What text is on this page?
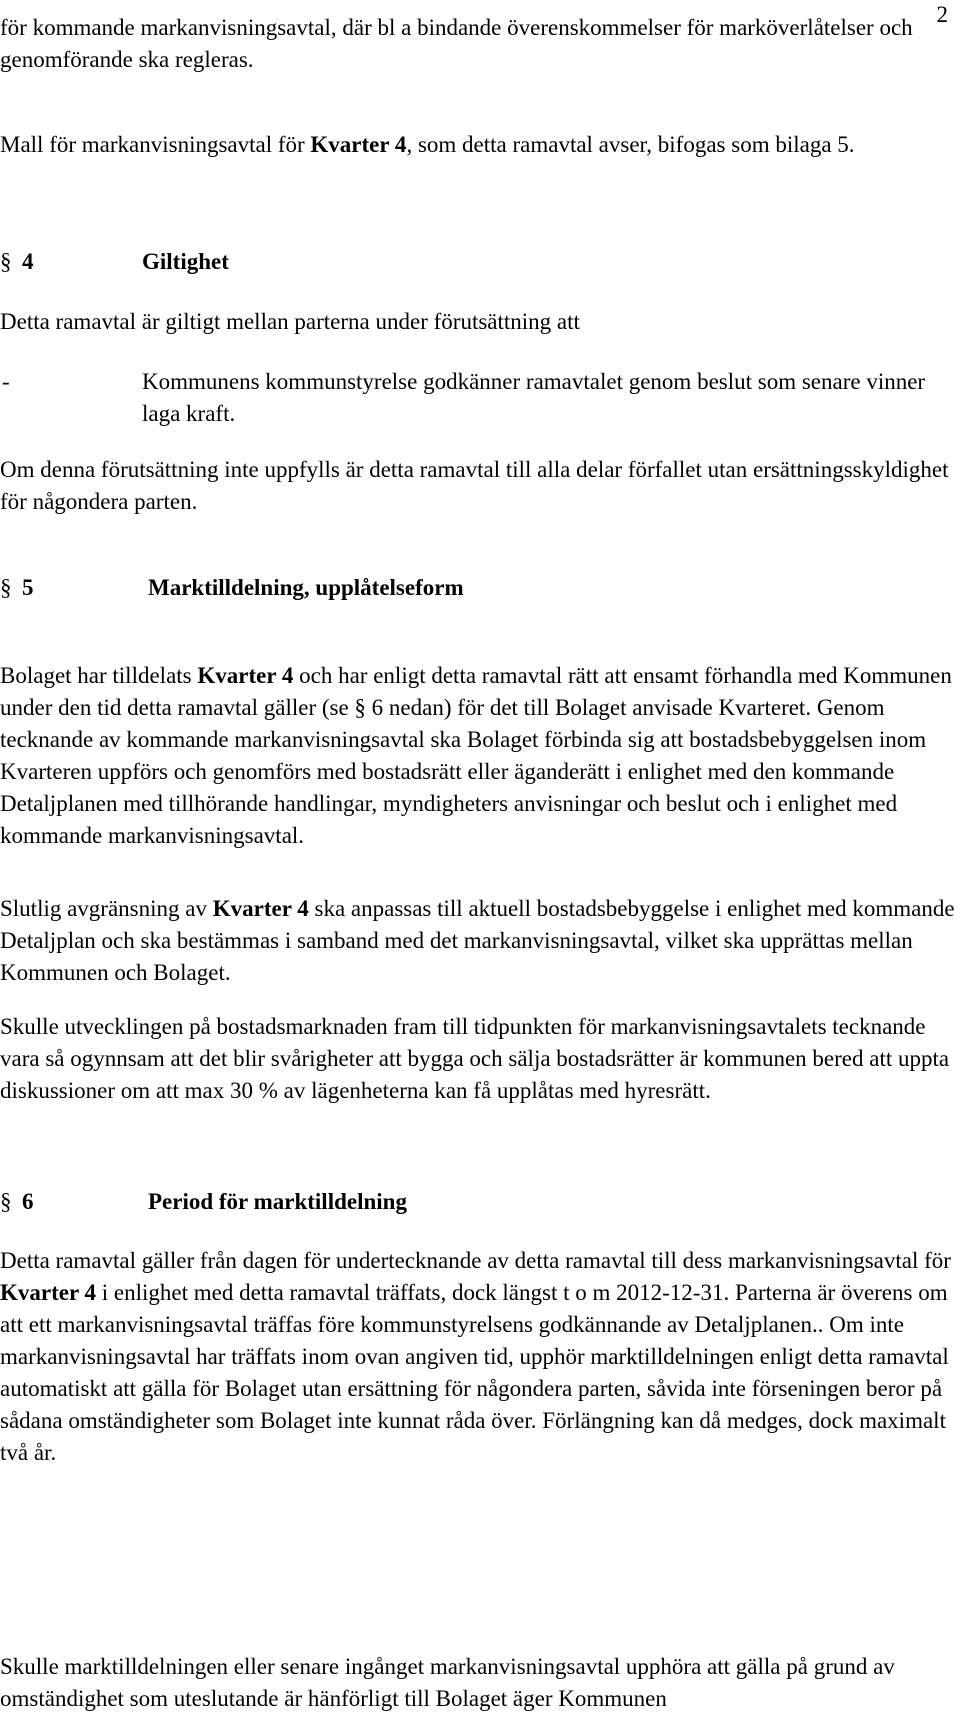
2

för kommande markanvisningsavtal, där bl a bindande överenskommelser för marköverlåtelser och genomförande ska regleras.

Mall för markanvisningsavtal för Kvarter 4, som detta ramavtal avser, bifogas som bilaga 5.

§ 4	Giltighet

Detta ramavtal är giltigt mellan parterna under förutsättning att

-	Kommunens kommunstyrelse godkänner ramavtalet genom beslut som senare vinner laga kraft.

Om denna förutsättning inte uppfylls är detta ramavtal till alla delar förfallet utan ersättningsskyldighet för någondera parten.

§ 5	Marktilldelning, upplåtelseform

Bolaget har tilldelats Kvarter 4 och har enligt detta ramavtal rätt att ensamt förhandla med Kommunen under den tid detta ramavtal gäller (se § 6 nedan) för det till Bolaget anvisade Kvarteret. Genom tecknande av kommande markanvisningsavtal ska Bolaget förbinda sig att bostadsbebyggelsen inom Kvarteren uppförs och genomförs med bostadsrätt eller äganderätt i enlighet med den kommande Detaljplanen med tillhörande handlingar, myndigheters anvisningar och beslut och i enlighet med kommande markanvisningsavtal.

Slutlig avgränsning av Kvarter 4 ska anpassas till aktuell bostadsbebyggelse i enlighet med kommande Detaljplan och ska bestämmas i samband med det markanvisningsavtal, vilket ska upprättas mellan Kommunen och Bolaget.

Skulle utvecklingen på bostadsmarknaden fram till tidpunkten för markanvisningsavtalets tecknande vara så ogynnsam att det blir svårigheter att bygga och sälja bostadsrätter är kommunen bered att uppta diskussioner om att max 30 % av lägenheterna kan få upplåtas med hyresrätt.

§ 6	Period för marktilldelning

Detta ramavtal gäller från dagen för undertecknande av detta ramavtal till dess markanvisningsavtal för Kvarter 4 i enlighet med detta ramavtal träffats, dock längst t o m 2012-12-31. Parterna är överens om att ett markanvisningsavtal träffas före kommunstyrelsens godkännande av Detaljplanen.. Om inte markanvisningsavtal har träffats inom ovan angiven tid, upphör marktilldelningen enligt detta ramavtal automatiskt att gälla för Bolaget utan ersättning för någondera parten, såvida inte förseningen beror på sådana omständigheter som Bolaget inte kunnat råda över. Förlängning kan då medges, dock maximalt två år.

Skulle marktilldelningen eller senare ingånget markanvisningsavtal upphöra att gälla på grund av omständighet som uteslutande är hänförligt till Bolaget äger Kommunen
